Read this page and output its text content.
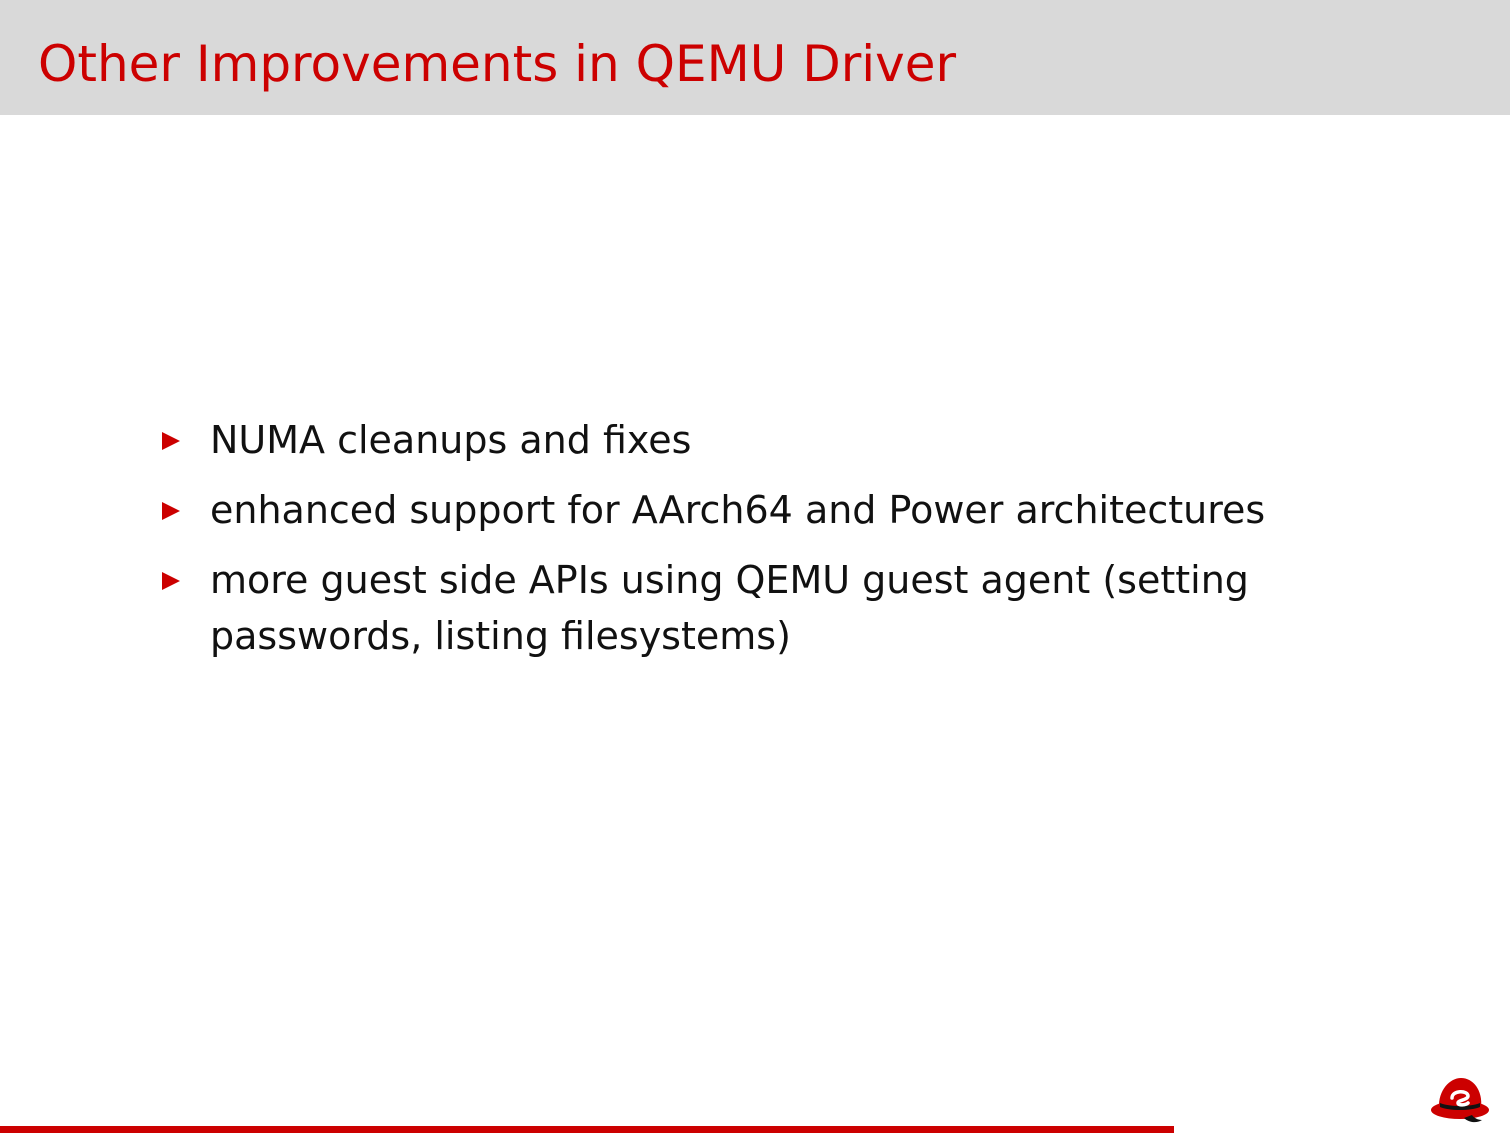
Other Improvements in QEMU Driver
NUMA cleanups and fixes
enhanced support for AArch64 and Power architectures
more guest side APIs using QEMU guest agent (setting passwords, listing filesystems)
